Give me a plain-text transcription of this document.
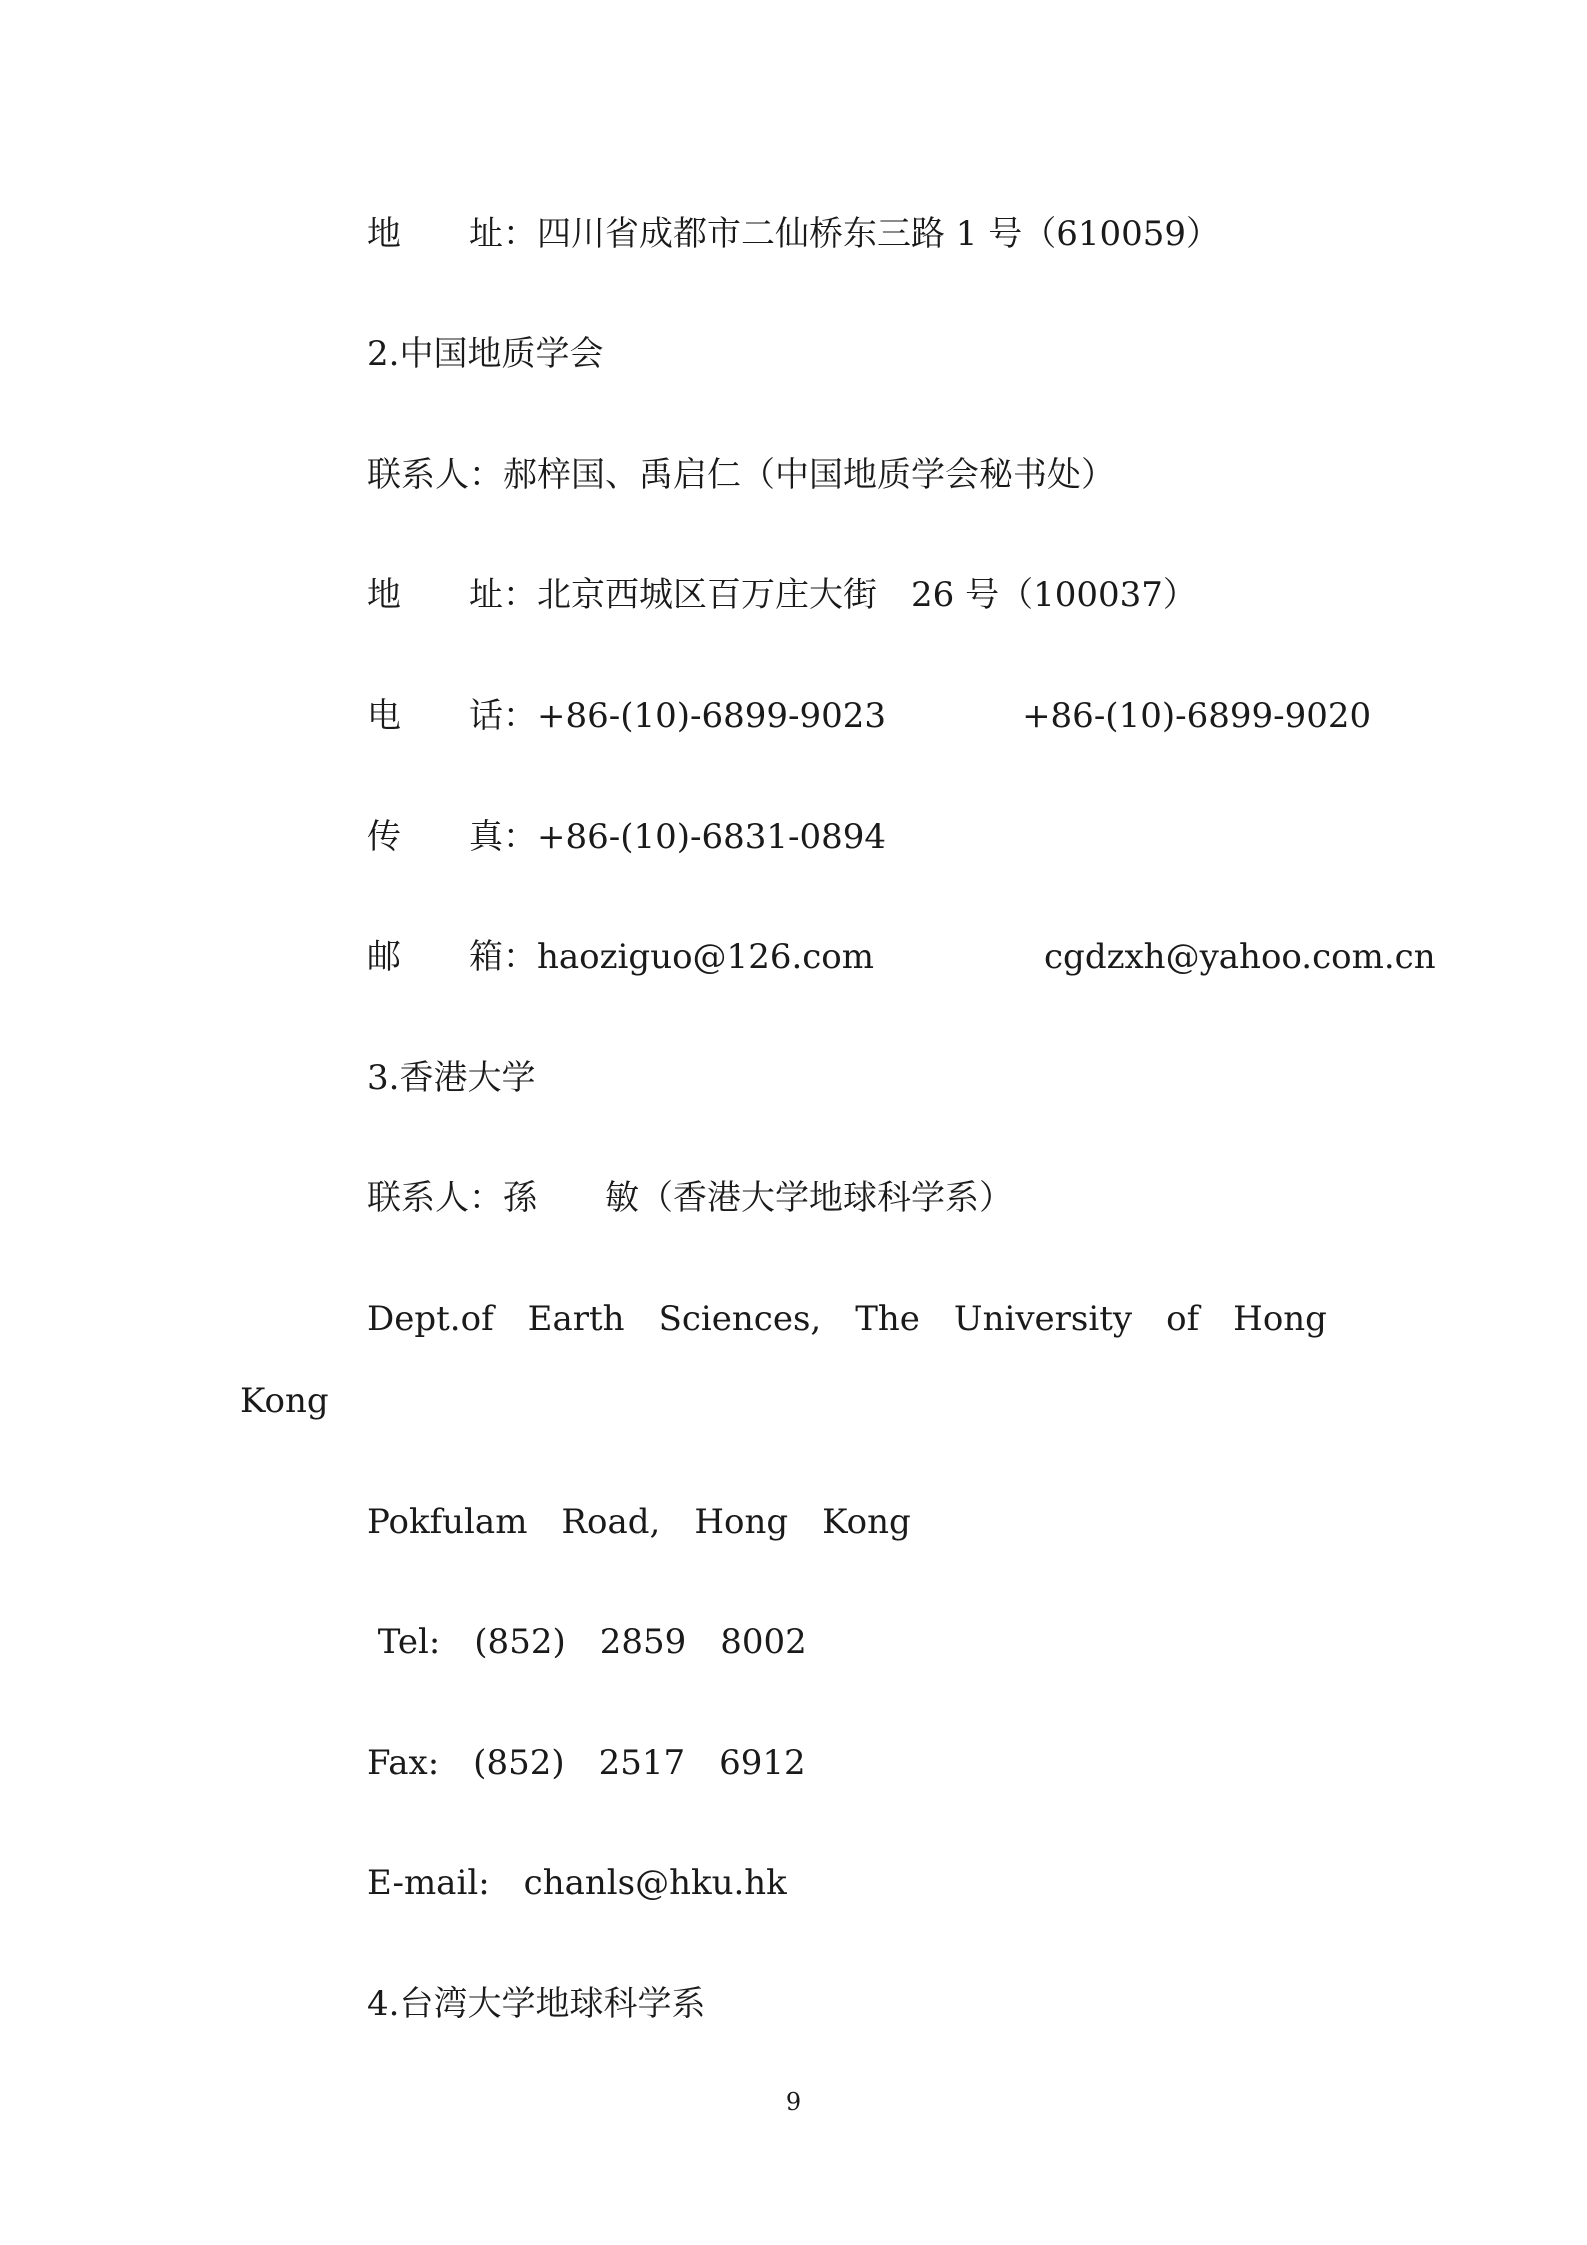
地　　址：四川省成都市二仙桥东三路 1 号（610059）
2.中国地质学会
联系人：郝梓国、禹启仁（中国地质学会秘书处）
地　　址：北京西城区百万庄大街　26 号（100037）
电　　话：+86-(10)-6899-9023　　　　+86-(10)-6899-9020
传　　真：+86-(10)-6831-0894
邮　　箱：haoziguo@126.com　　　　　cgdzxh@yahoo.com.cn
3.香港大学
联系人：孫　　敏（香港大学地球科学系）
Dept.of　Earth　Sciences,　The　University　of　Hong
Kong
Pokfulam　Road,　Hong　Kong
Tel:　(852)　2859　8002
Fax:　(852)　2517　6912
E-mail:　chanls@hku.hk
4.台湾大学地球科学系
9
